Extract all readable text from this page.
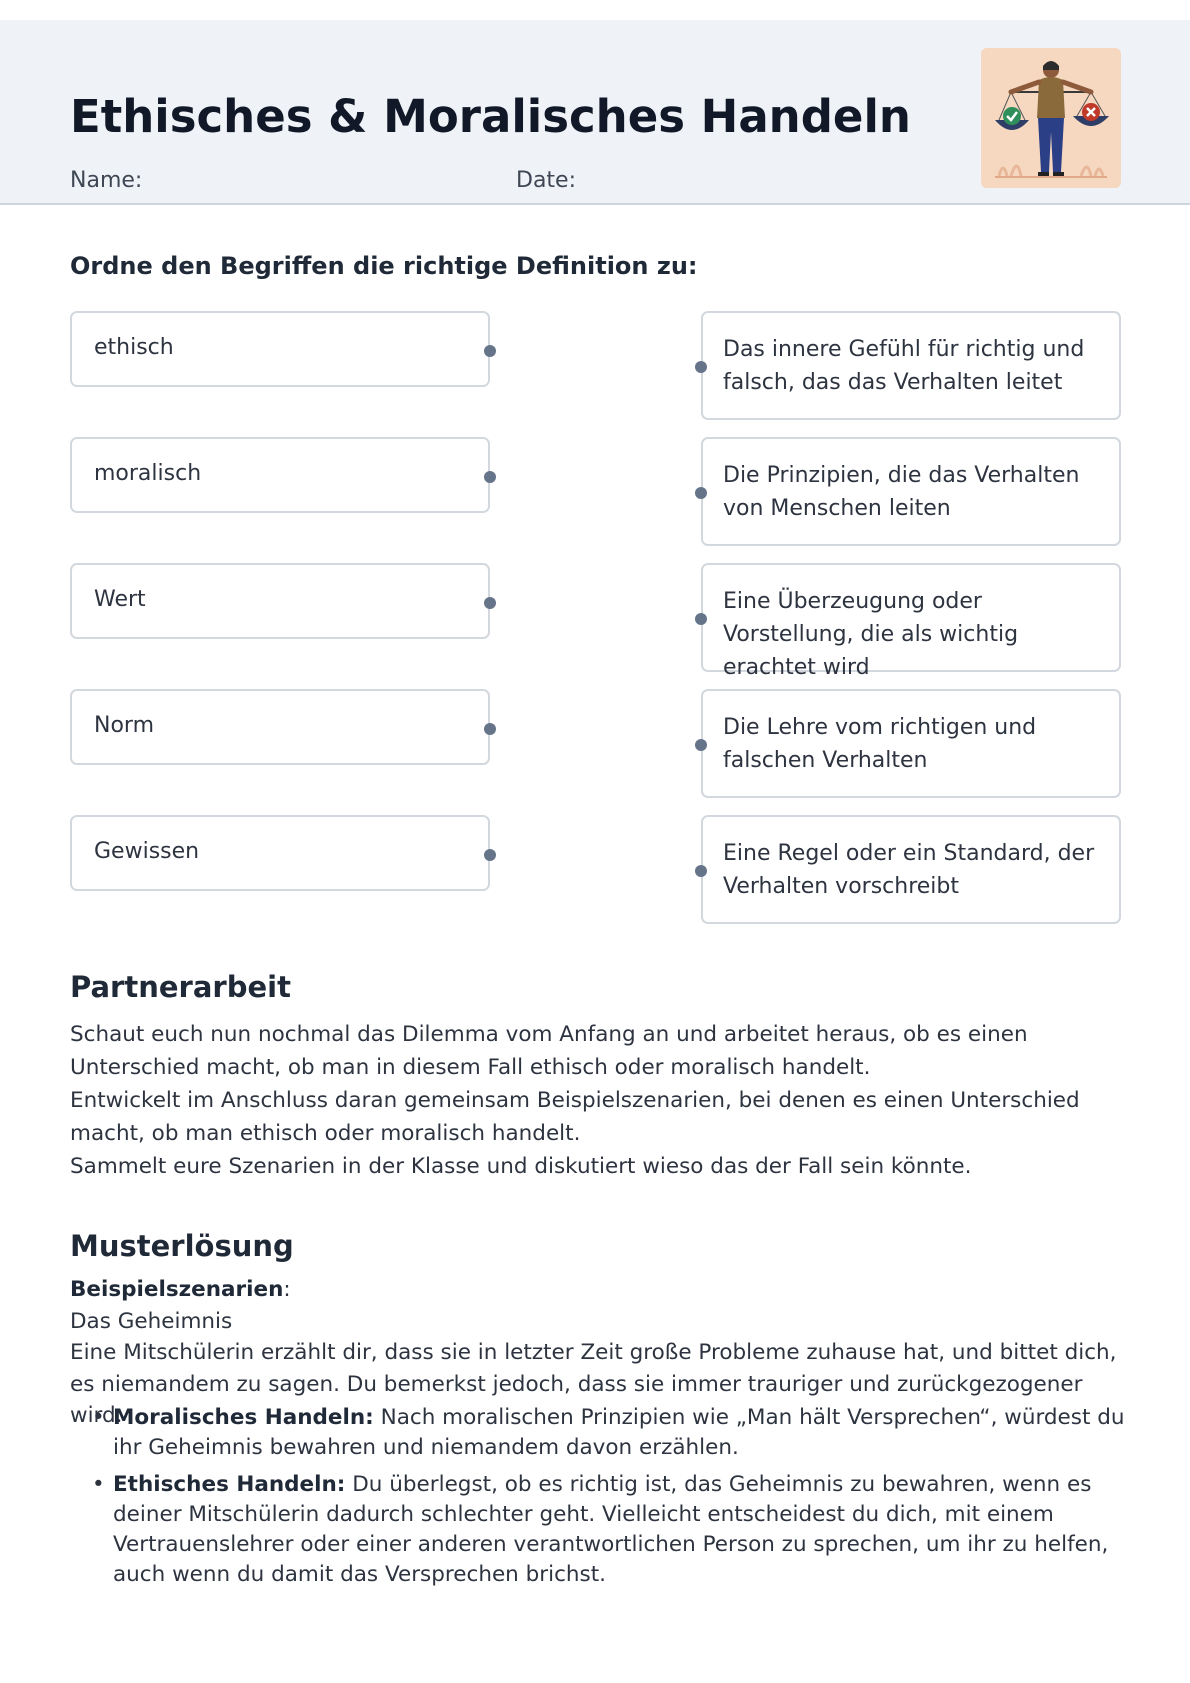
Ethisches & Moralisches Handeln
Name:	Date:
Ordne den Begriffen die richtige Definition zu:
ethisch
moralisch
Wert
Norm
Gewissen
Das innere Gefühl für richtig und falsch, das das Verhalten leitet
Die Prinzipien, die das Verhalten von Menschen leiten
Eine Überzeugung oder Vorstellung, die als wichtig erachtet wird
Die Lehre vom richtigen und falschen Verhalten
Eine Regel oder ein Standard, der Verhalten vorschreibt
Partnerarbeit
Schaut euch nun nochmal das Dilemma vom Anfang an und arbeitet heraus, ob es einen Unterschied macht, ob man in diesem Fall ethisch oder moralisch handelt.
Entwickelt im Anschluss daran gemeinsam Beispielszenarien, bei denen es einen Unterschied macht, ob man ethisch oder moralisch handelt.
Sammelt eure Szenarien in der Klasse und diskutiert wieso das der Fall sein könnte.
Musterlösung
Beispielszenarien:
Das Geheimnis
Eine Mitschülerin erzählt dir, dass sie in letzter Zeit große Probleme zuhause hat, und bittet dich, es niemandem zu sagen. Du bemerkst jedoch, dass sie immer trauriger und zurückgezogener wird.
• Moralisches Handeln: Nach moralischen Prinzipien wie „Man hält Versprechen“, würdest du ihr Geheimnis bewahren und niemandem davon erzählen.
• Ethisches Handeln: Du überlegst, ob es richtig ist, das Geheimnis zu bewahren, wenn es deiner Mitschülerin dadurch schlechter geht. Vielleicht entscheidest du dich, mit einem Vertrauenslehrer oder einer anderen verantwortlichen Person zu sprechen, um ihr zu helfen, auch wenn du damit das Versprechen brichst.
